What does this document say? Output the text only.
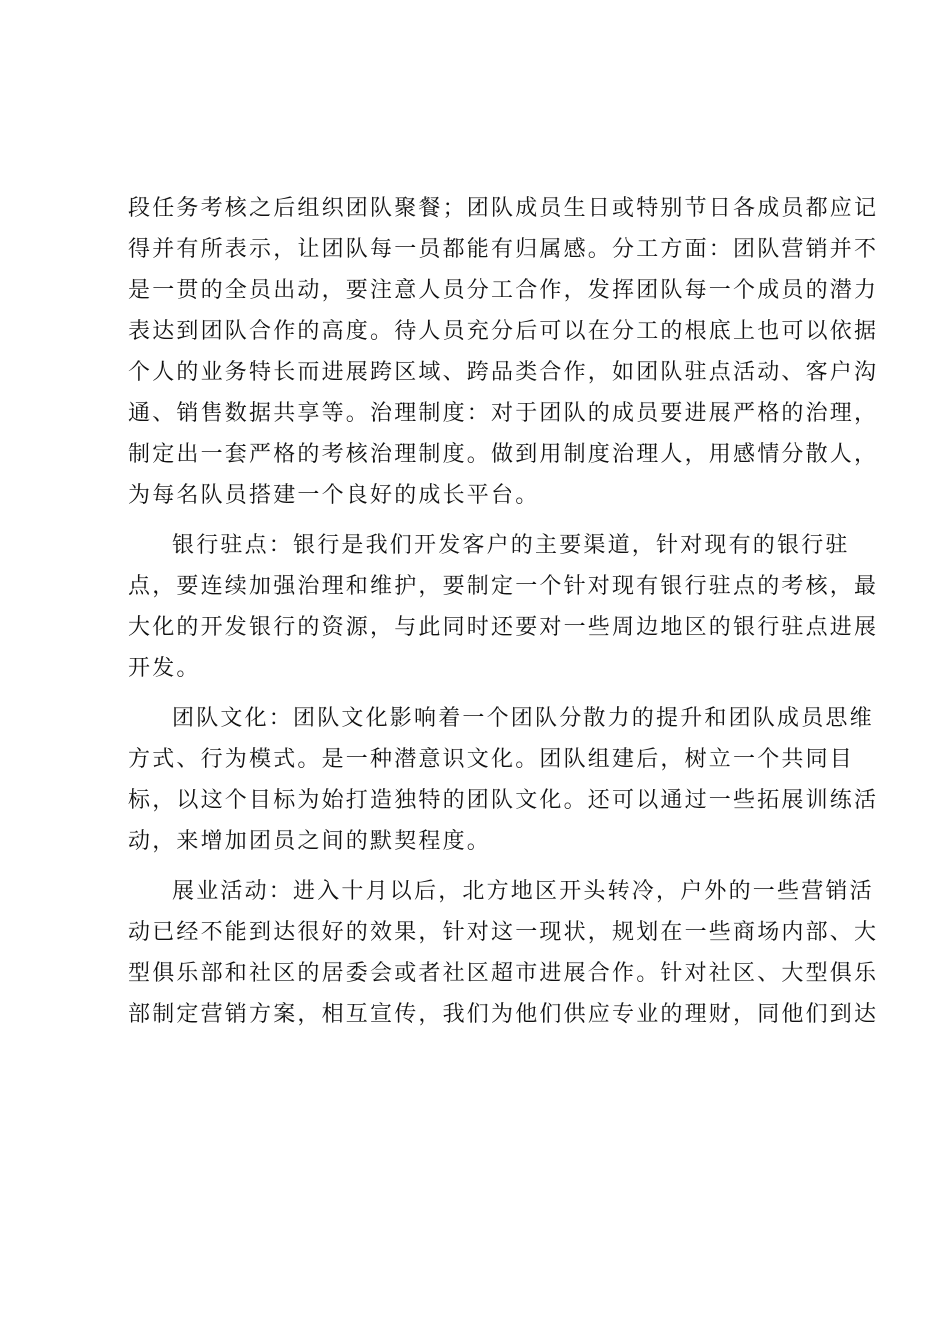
段任务考核之后组织团队聚餐；团队成员生日或特别节日各成员都应记
得并有所表示，让团队每一员都能有归属感。分工方面：团队营销并不
是一贯的全员出动，要注意人员分工合作，发挥团队每一个成员的潜力
表达到团队合作的高度。待人员充分后可以在分工的根底上也可以依据
个人的业务特长而进展跨区域、跨品类合作，如团队驻点活动、客户沟
通、销售数据共享等。治理制度：对于团队的成员要进展严格的治理，
制定出一套严格的考核治理制度。做到用制度治理人，用感情分散人，
为每名队员搭建一个良好的成长平台。

银行驻点：银行是我们开发客户的主要渠道，针对现有的银行驻
点，要连续加强治理和维护，要制定一个针对现有银行驻点的考核，最
大化的开发银行的资源，与此同时还要对一些周边地区的银行驻点进展
开发。

团队文化：团队文化影响着一个团队分散力的提升和团队成员思维
方式、行为模式。是一种潜意识文化。团队组建后，树立一个共同目
标，以这个目标为始打造独特的团队文化。还可以通过一些拓展训练活
动，来增加团员之间的默契程度。

展业活动：进入十月以后，北方地区开头转冷，户外的一些营销活
动已经不能到达很好的效果，针对这一现状，规划在一些商场内部、大
型俱乐部和社区的居委会或者社区超市进展合作。针对社区、大型俱乐
部制定营销方案，相互宣传，我们为他们供应专业的理财，同他们到达
